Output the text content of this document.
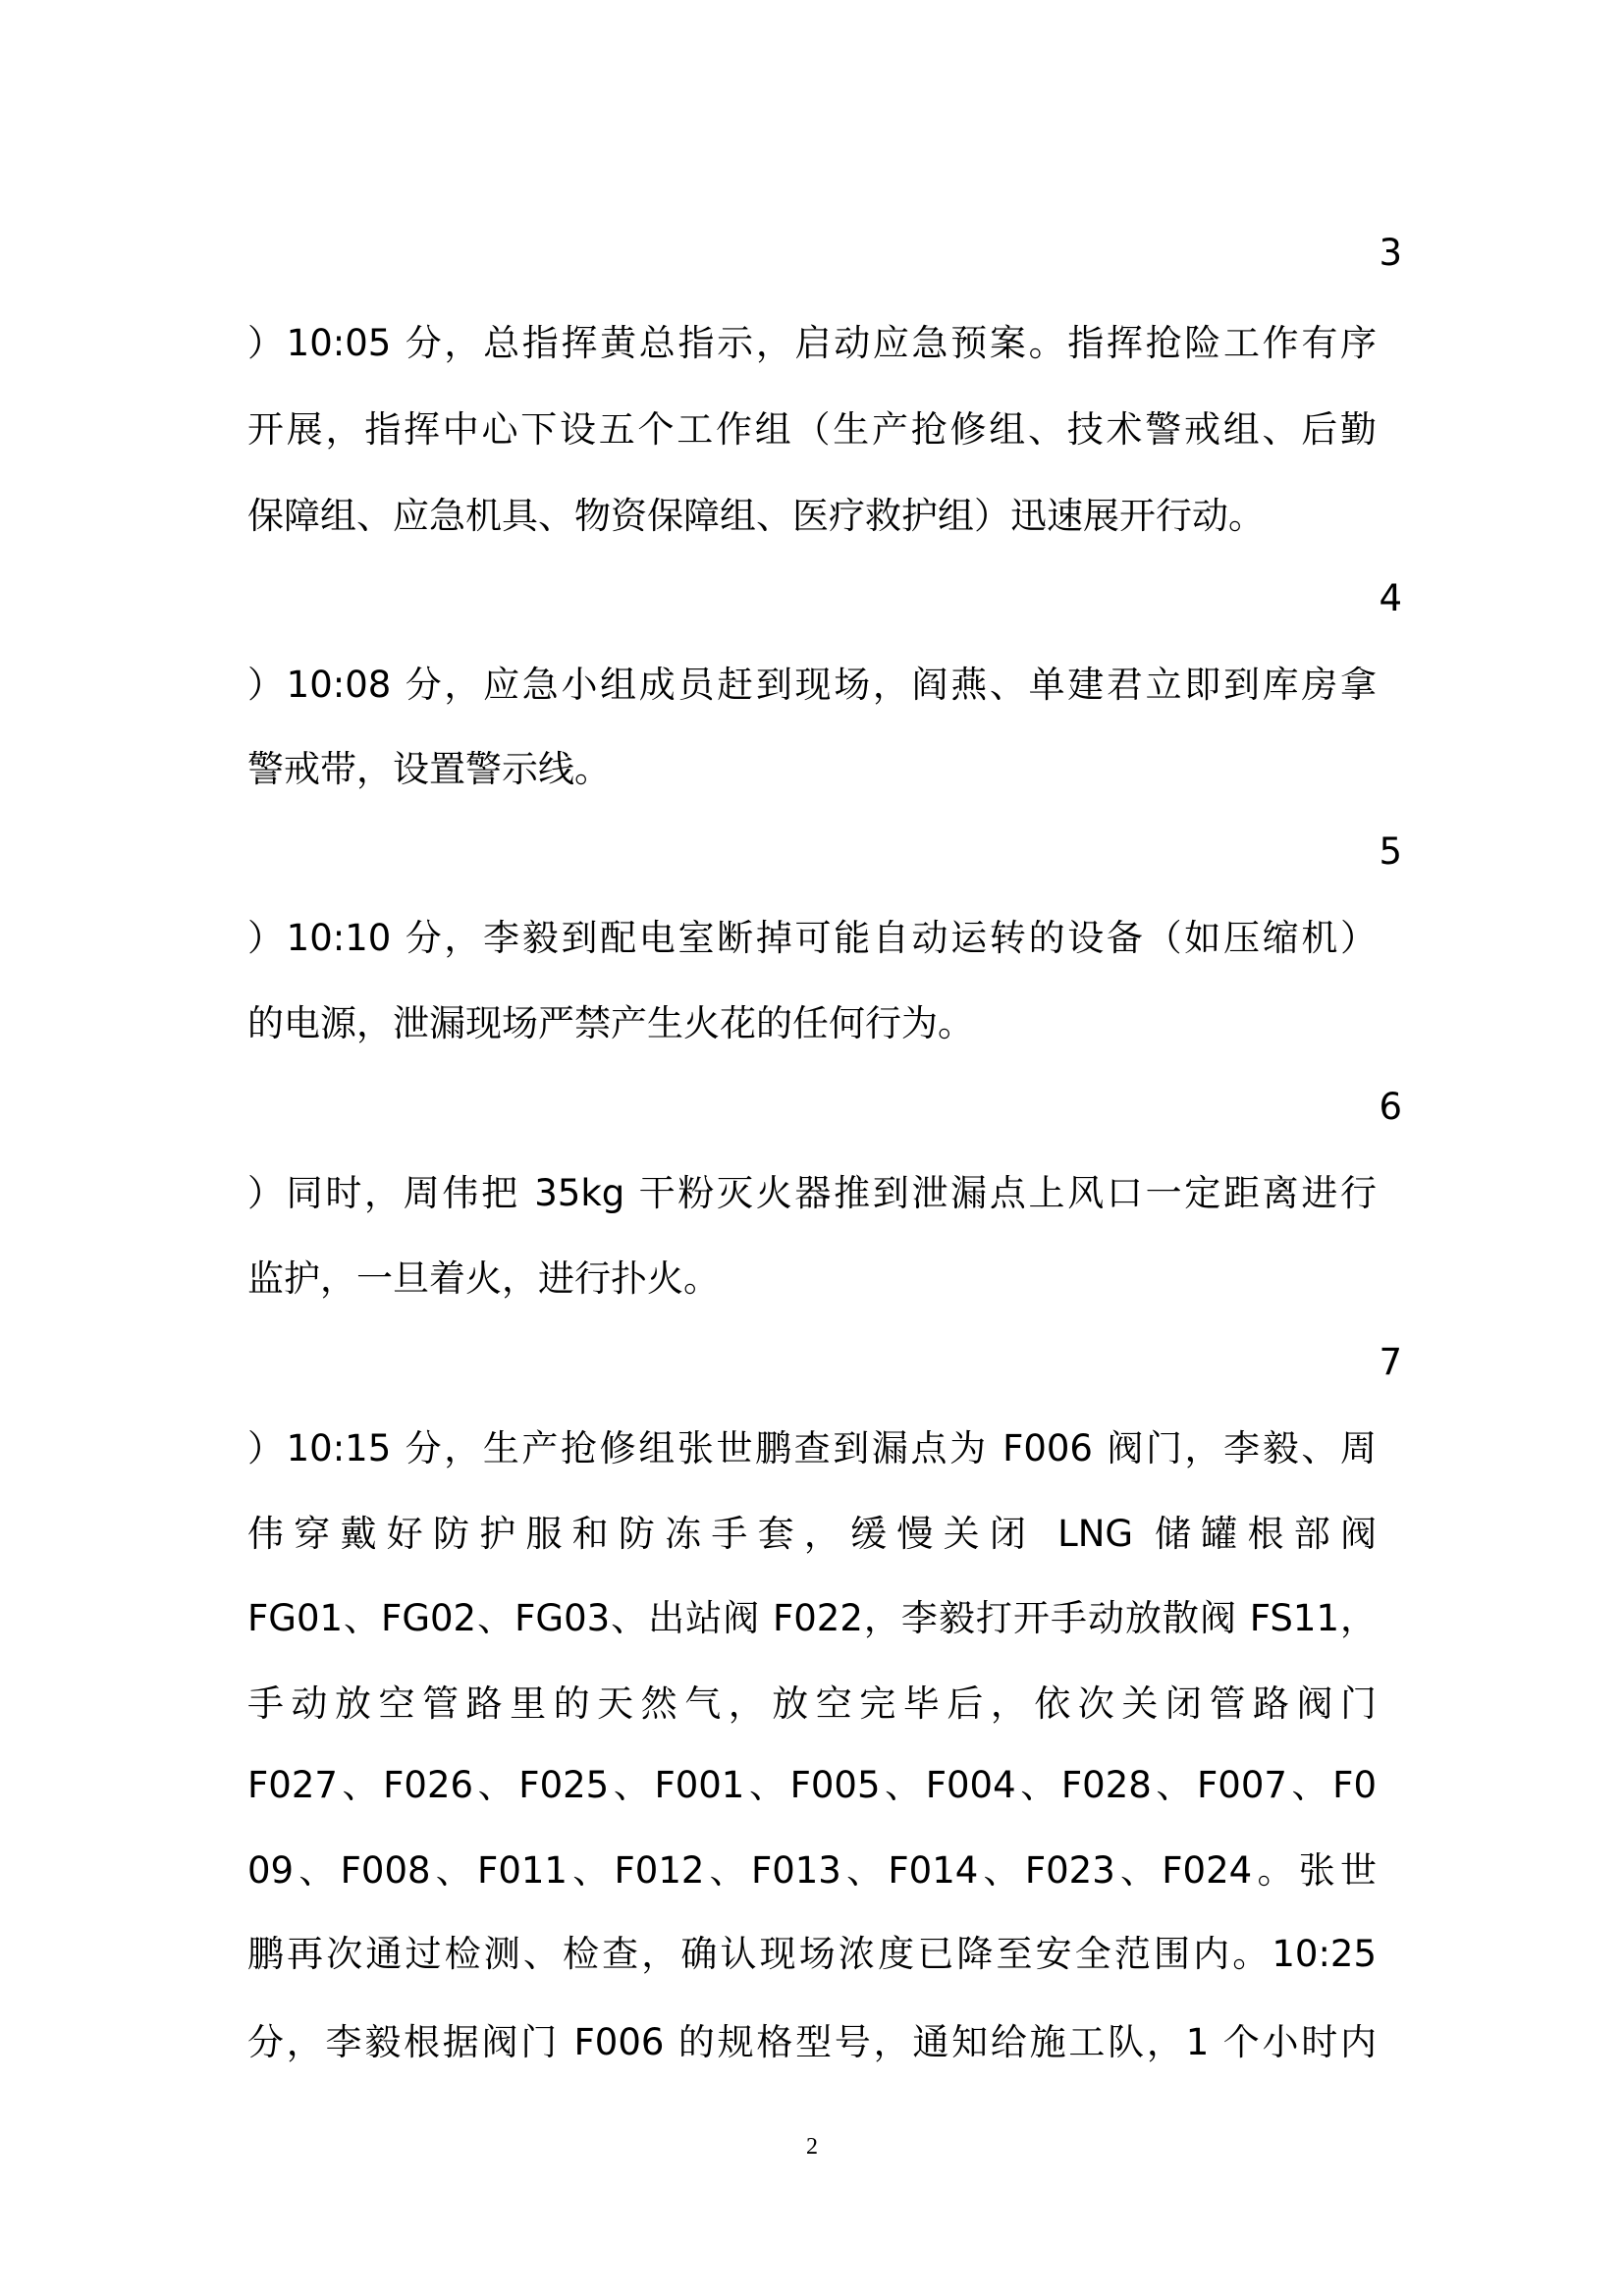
3
）10:05 分，总指挥黄总指示，启动应急预案。指挥抢险工作有序
开展，指挥中心下设五个工作组（生产抢修组、技术警戒组、后勤
保障组、应急机具、物资保障组、医疗救护组）迅速展开行动。
4
）10:08 分，应急小组成员赶到现场，阎燕、单建君立即到库房拿
警戒带，设置警示线。
5
）10:10 分，李毅到配电室断掉可能自动运转的设备（如压缩机）
的电源，泄漏现场严禁产生火花的任何行为。
6
）同时，周伟把 35kg 干粉灭火器推到泄漏点上风口一定距离进行
监护，一旦着火，进行扑火。
7
）10:15 分，生产抢修组张世鹏查到漏点为 F006 阀门，李毅、周
伟穿戴好防护服和防冻手套，缓慢关闭 LNG 储罐根部阀
FG01、FG02、FG03、出站阀 F022，李毅打开手动放散阀 FS11，
手动放空管路里的天然气，放空完毕后，依次关闭管路阀门
F027、F026、F025、F001、F005、F004、F028、F007、F0
09、F008、F011、F012、F013、F014、F023、F024。张世
鹏再次通过检测、检查，确认现场浓度已降至安全范围内。10:25
分，李毅根据阀门 F006 的规格型号，通知给施工队，1 个小时内
2
